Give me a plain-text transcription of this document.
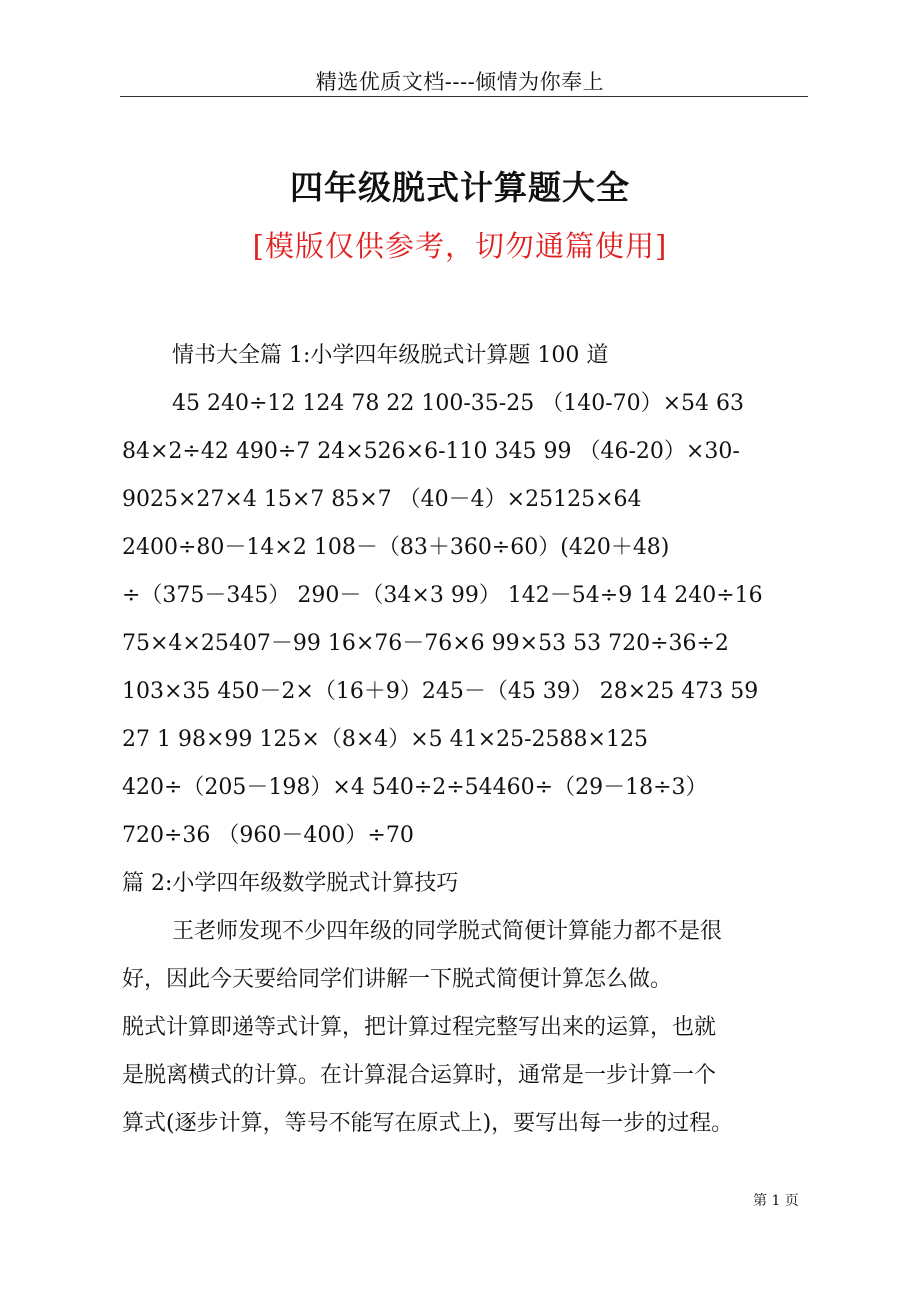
精选优质文档----倾情为你奉上
四年级脱式计算题大全
[模版仅供参考，切勿通篇使用]
情书大全篇 1:小学四年级脱式计算题 100 道
45 240÷12 124 78 22 100-35-25 （140-70）×54 63
84×2÷42 490÷7 24×526×6-110 345 99 （46-20）×30-
9025×27×4 15×7 85×7 （40－4）×25125×64
2400÷80－14×2 108－（83＋360÷60）(420＋48)
÷（375－345） 290－（34×3 99） 142－54÷9 14 240÷16
75×4×25407－99 16×76－76×6 99×53 53 720÷36÷2
103×35 450－2×（16＋9）245－（45 39） 28×25 473 59
27 1 98×99 125×（8×4）×5 41×25-2588×125
420÷（205－198）×4 540÷2÷54460÷（29－18÷3）
720÷36 （960－400）÷70
篇 2:小学四年级数学脱式计算技巧
王老师发现不少四年级的同学脱式简便计算能力都不是很
好，因此今天要给同学们讲解一下脱式简便计算怎么做。
脱式计算即递等式计算，把计算过程完整写出来的运算，也就
是脱离横式的计算。在计算混合运算时，通常是一步计算一个
算式(逐步计算，等号不能写在原式上)，要写出每一步的过程。
第 1 页
